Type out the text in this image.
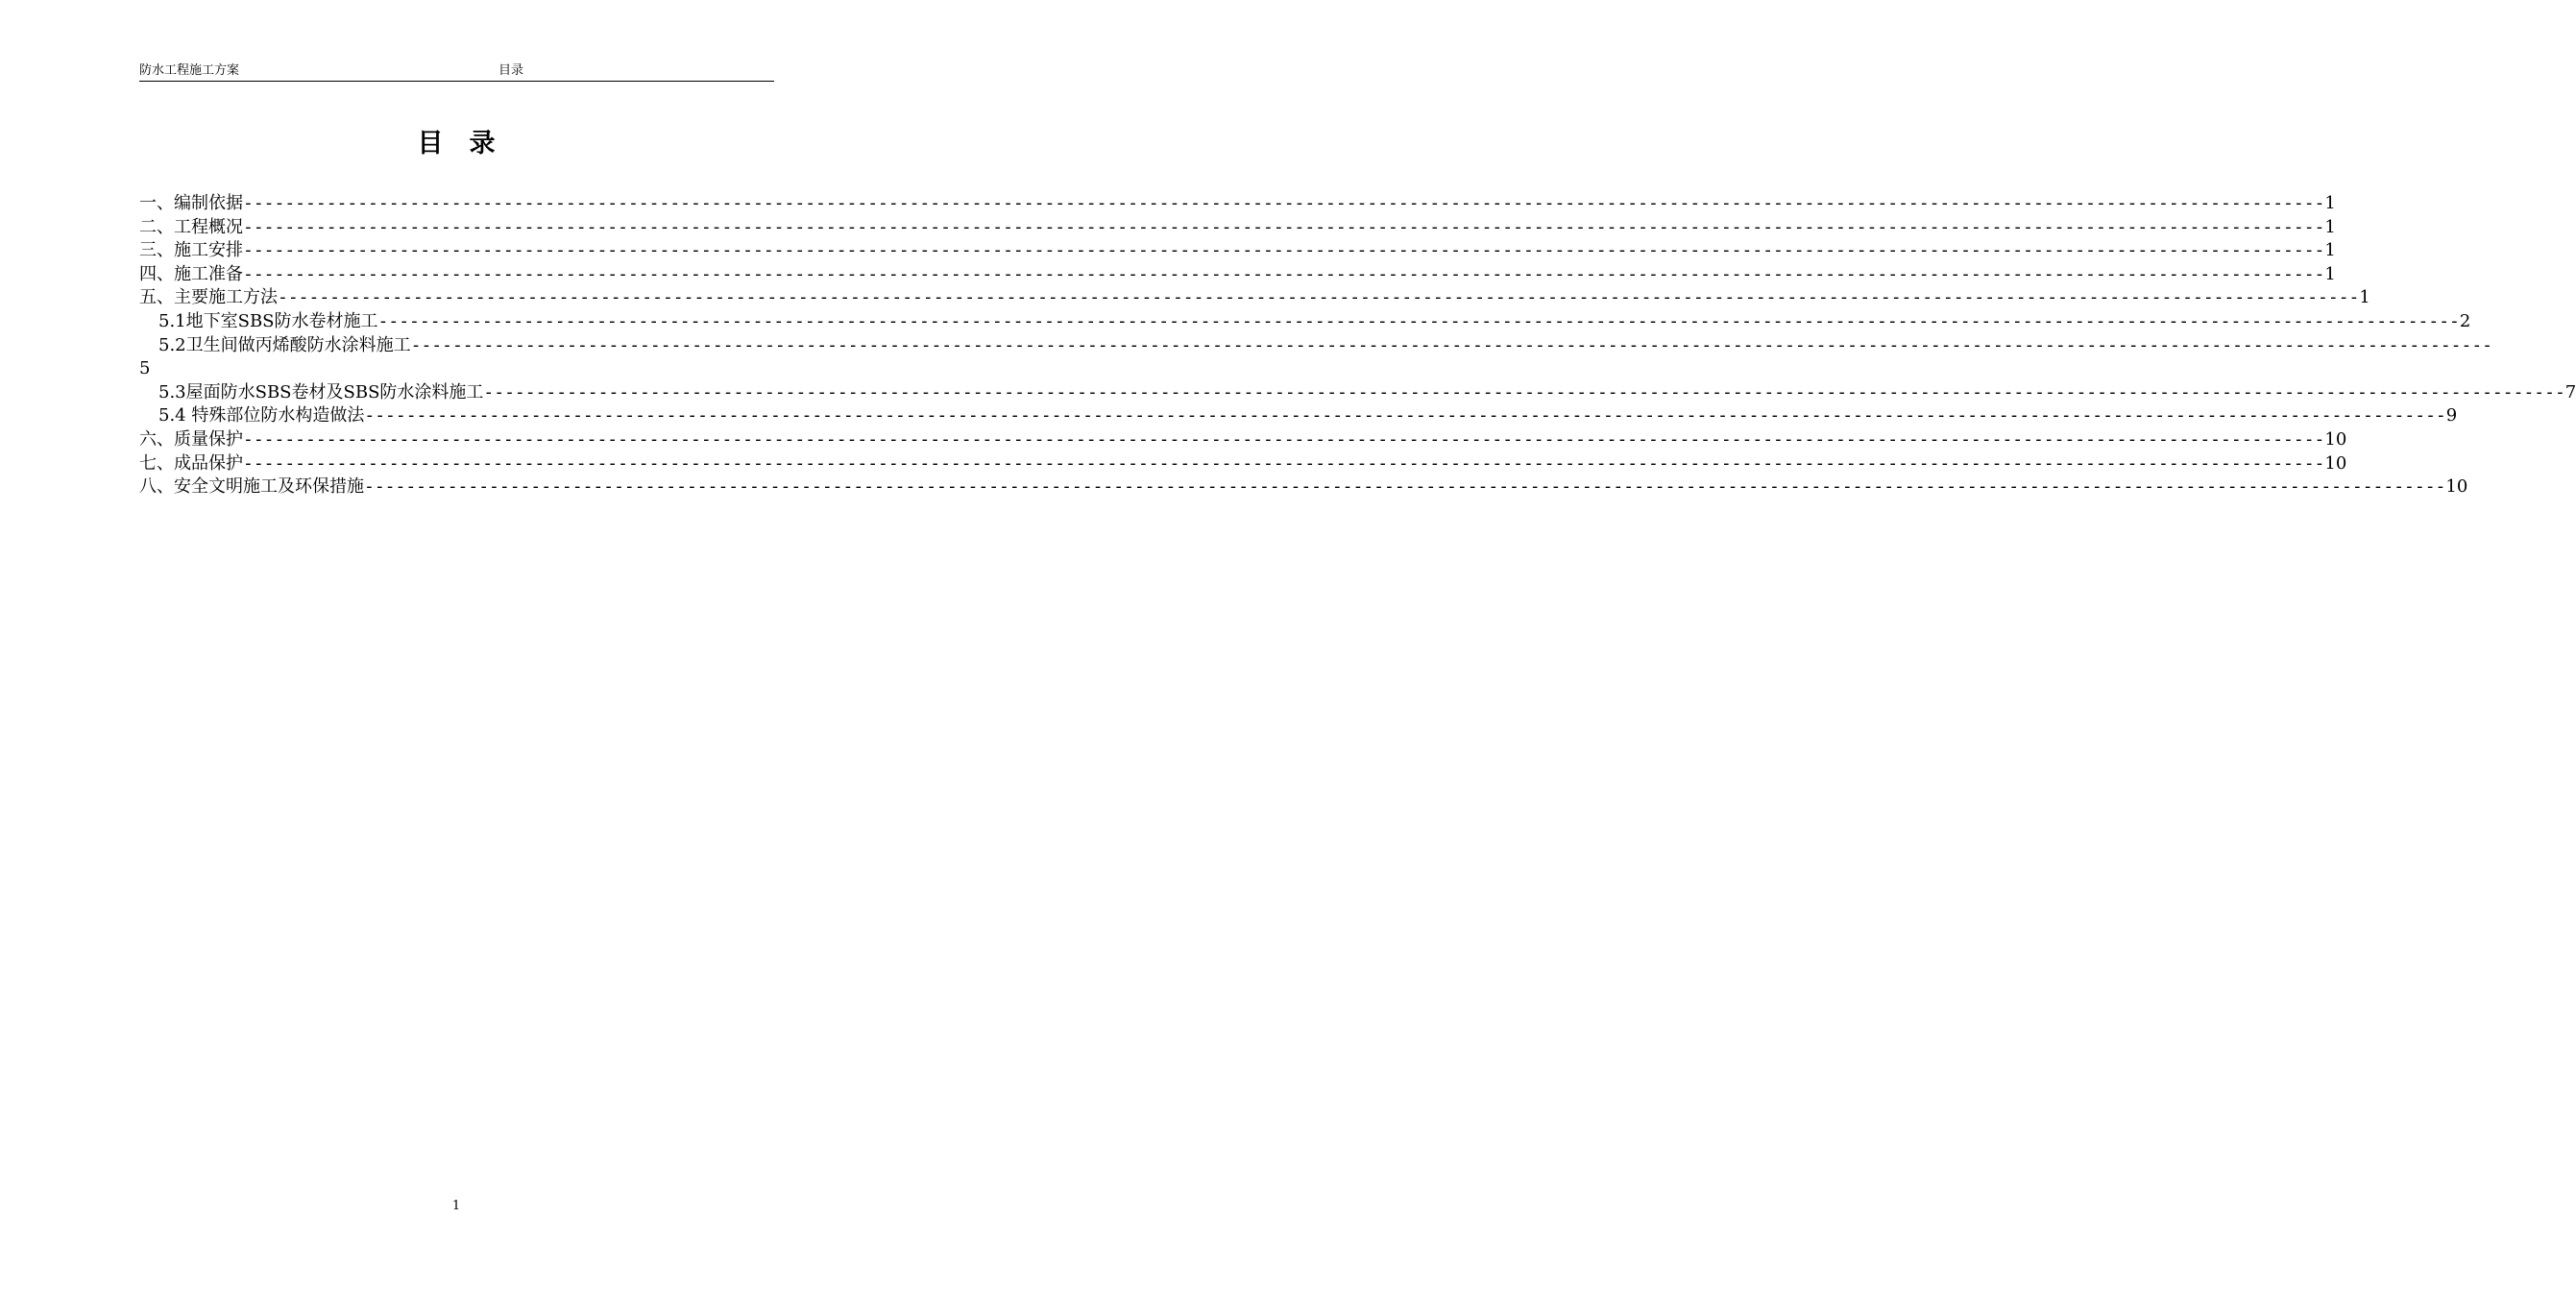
防水工程施工方案	目录
目　录
一、编制依据 -------------------------------------------------------------------------------------------------------------------------------------------------------------------------------------------------------- 1
二、工程概况 -------------------------------------------------------------------------------------------------------------------------------------------------------------------------------------------------------- 1
三、施工安排 -------------------------------------------------------------------------------------------------------------------------------------------------------------------------------------------------------- 1
四、施工准备 -------------------------------------------------------------------------------------------------------------------------------------------------------------------------------------------------------- 1
五、主要施工方法 -------------------------------------------------------------------------------------------------------------------------------------------------------------------------------------------------------- 1
5.1地下室SBS防水卷材施工 -------------------------------------------------------------------------------------------------------------------------------------------------------------------------------------------------------- 2
5.2卫生间做丙烯酸防水涂料施工 --------------------------------------------------------------------------------------------------------------------------------------------------------------------------------------------------------
5
5.3屋面防水SBS卷材及SBS防水涂料施工 -------------------------------------------------------------------------------------------------------------------------------------------------------------------------------------------------------- 7
5.4 特殊部位防水构造做法 -------------------------------------------------------------------------------------------------------------------------------------------------------------------------------------------------------- 9
六、质量保护 -------------------------------------------------------------------------------------------------------------------------------------------------------------------------------------------------------- 10
七、成品保护 -------------------------------------------------------------------------------------------------------------------------------------------------------------------------------------------------------- 10
八、安全文明施工及环保措施 -------------------------------------------------------------------------------------------------------------------------------------------------------------------------------------------------------- 10
1
